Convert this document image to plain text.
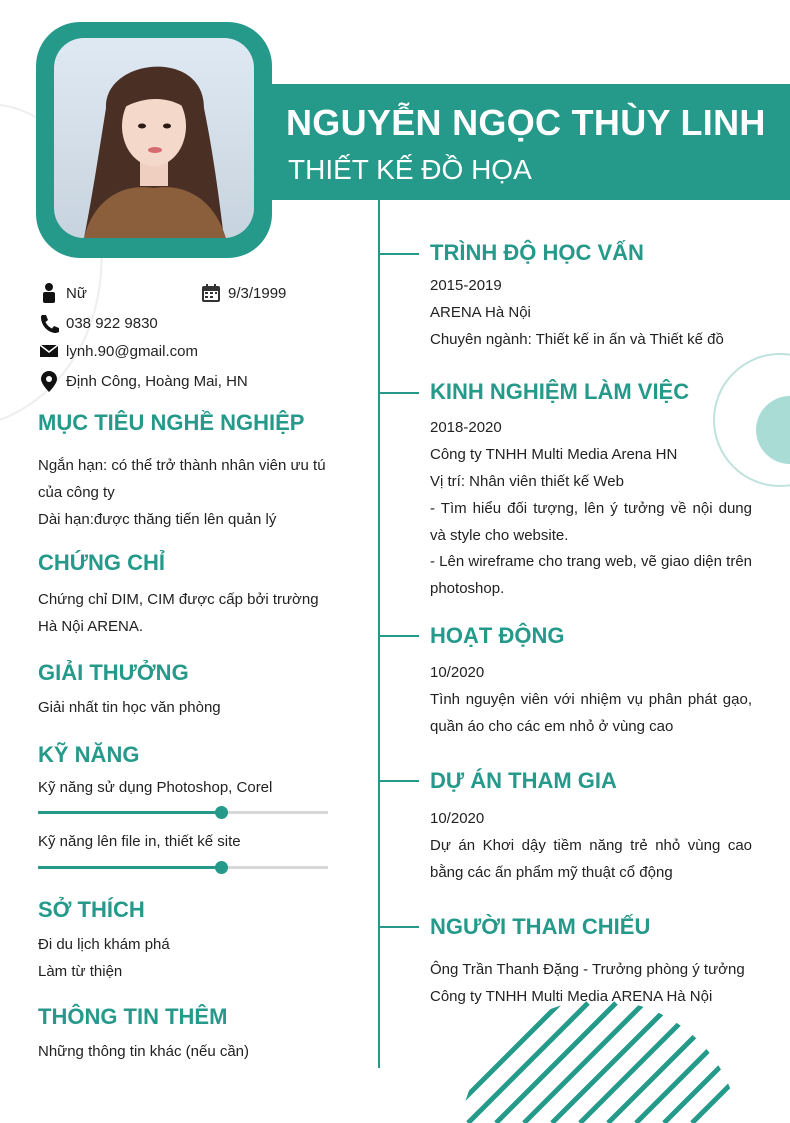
NGUYỄN NGỌC THÙY LINH
THIẾT KẾ ĐỒ HỌA
Nữ	9/3/1999
038 922 9830
lynh.90@gmail.com
Định Công, Hoàng Mai, HN
MỤC TIÊU NGHỀ NGHIỆP
Ngắn hạn: có thể trở thành nhân viên ưu tú của công ty
Dài hạn:được thăng tiến lên quản lý
CHỨNG CHỈ
Chứng chỉ DIM, CIM được cấp bởi trường Hà Nội ARENA.
GIẢI THƯỞNG
Giải nhất tin học văn phòng
KỸ NĂNG
Kỹ năng sử dụng Photoshop, Corel
Kỹ năng lên file in, thiết kế site
SỞ THÍCH
Đi du lịch khám phá
Làm từ thiện
THÔNG TIN THÊM
Những thông tin khác (nếu cần)
TRÌNH ĐỘ HỌC VẤN
2015-2019
ARENA Hà Nội
Chuyên ngành: Thiết kế in ấn và Thiết kế đồ
KINH NGHIỆM LÀM VIỆC
2018-2020
Công ty TNHH Multi Media Arena HN
Vị trí: Nhân viên thiết kế Web
- Tìm hiểu đối tượng, lên ý tưởng về nội dung và style cho website.
- Lên wireframe cho trang web, vẽ giao diện trên photoshop.
HOẠT ĐỘNG
10/2020
Tình nguyện viên với nhiệm vụ phân phát gạo, quần áo cho các em nhỏ ở vùng cao
DỰ ÁN THAM GIA
10/2020
Dự án Khơi dậy tiềm năng trẻ nhỏ vùng cao bằng các ấn phẩm mỹ thuật cổ động
NGƯỜI THAM CHIẾU
Ông Trần Thanh Đặng - Trưởng phòng ý tưởng
Công ty TNHH Multi Media ARENA Hà Nội
